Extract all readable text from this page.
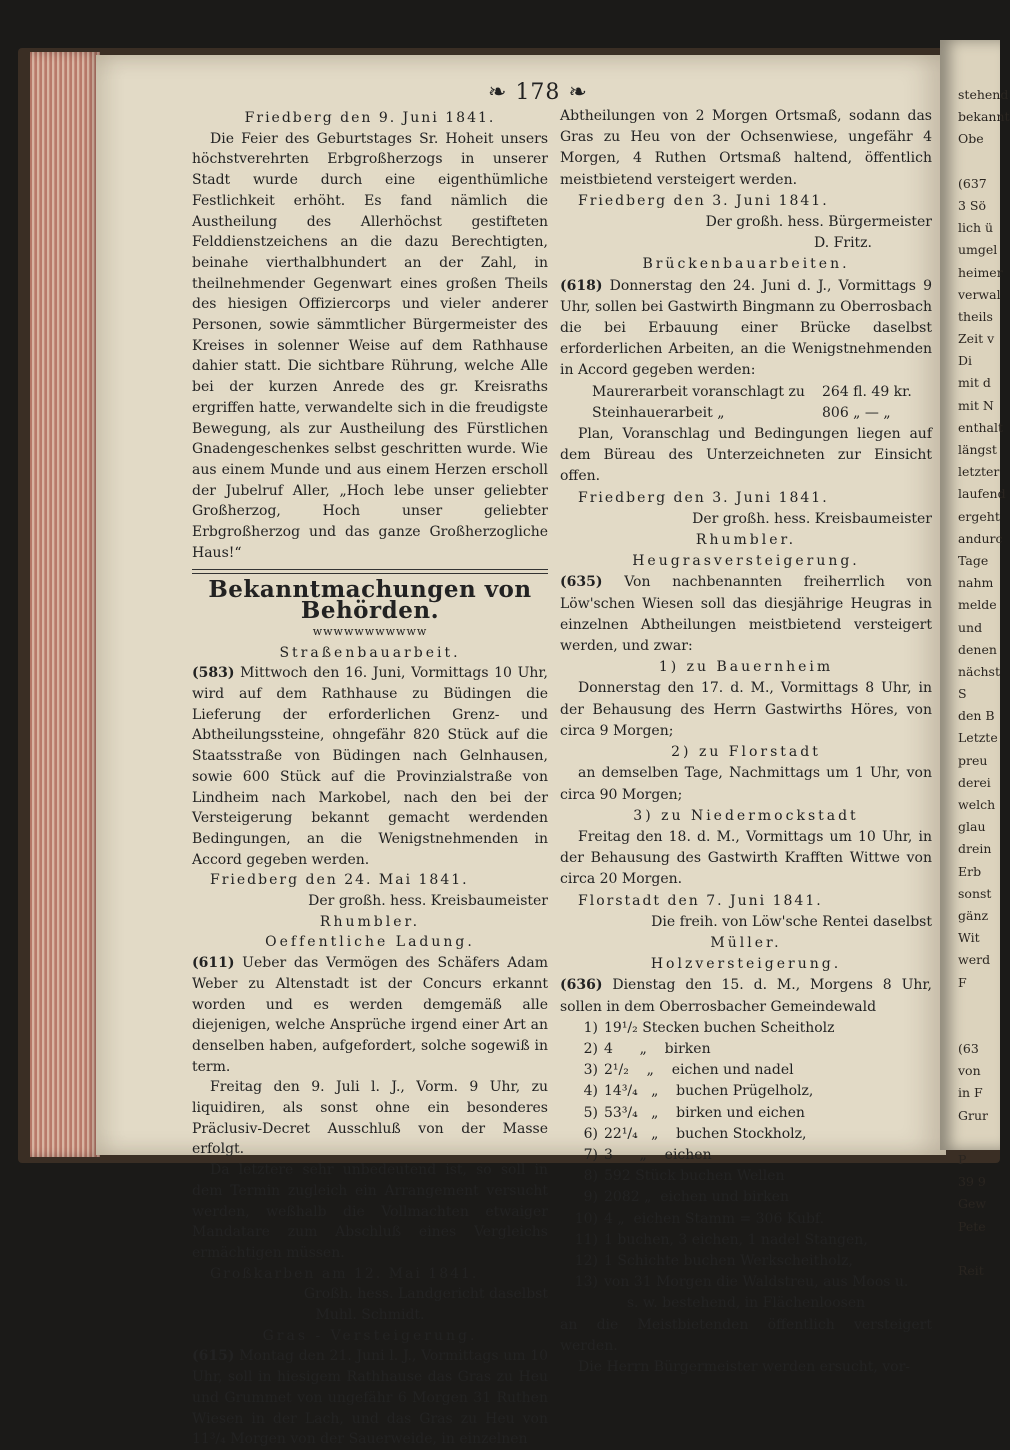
stehend
bekannt
Obe
(637
3 Sö
lich ü
umgel
heimer
verwal
theils
Zeit v
Di
mit d
mit N
enthalt
längst
letzter
laufend
ergeht
andurc
Tage
nahm
melde
und
denen
nächst
S
den B
Letzte
preu
derei
welch
glau
drein
Erb
sonst
gänz
Wit
werd
F
(63
von
in F
Grur
P
39 9
Gew
Pete
Reit
❧ 178 ❧

Friedberg den 9. Juni 1841.

Die Feier des Geburtstages Sr. Hoheit unsers höchstverehrten Erbgroßherzogs in unserer Stadt wurde durch eine eigenthümliche Festlichkeit erhöht. Es fand nämlich die Austheilung des Allerhöchst gestifteten Felddienstzeichens an die dazu Berechtigten, beinahe vierthalbhundert an der Zahl, in theilnehmender Gegenwart eines großen Theils des hiesigen Offiziercorps und vieler anderer Personen, sowie sämmtlicher Bürgermeister des Kreises in solenner Weise auf dem Rathhause dahier statt. Die sichtbare Rührung, welche Alle bei der kurzen Anrede des gr. Kreisraths ergriffen hatte, verwandelte sich in die freudigste Bewegung, als zur Austheilung des Fürstlichen Gnadengeschenkes selbst geschritten wurde. Wie aus einem Munde und aus einem Herzen erscholl der Jubelruf Aller, „Hoch lebe unser geliebter Großherzog, Hoch unser geliebter Erbgroßherzog und das ganze Großherzogliche Haus!“

Bekanntmachungen von Behörden.

ᴡᴡᴡᴡᴡᴡᴡᴡᴡᴡᴡ

Straßenbauarbeit.

(583) Mittwoch den 16. Juni, Vormittags 10 Uhr, wird auf dem Rathhause zu Büdingen die Lieferung der erforderlichen Grenz- und Abtheilungssteine, ohngefähr 820 Stück auf die Staatsstraße von Büdingen nach Gelnhausen, sowie 600 Stück auf die Provinzialstraße von Lindheim nach Markobel, nach den bei der Versteigerung bekannt gemacht werdenden Bedingungen, an die Wenigstnehmenden in Accord gegeben werden.

Friedberg den 24. Mai 1841.

Der großh. hess. Kreisbaumeister

Rhumbler.

Oeffentliche Ladung.

(611) Ueber das Vermögen des Schäfers Adam Weber zu Altenstadt ist der Concurs erkannt worden und es werden demgemäß alle diejenigen, welche Ansprüche irgend einer Art an denselben haben, aufgefordert, solche sogewiß in term.

Freitag den 9. Juli l. J., Vorm. 9 Uhr, zu liquidiren, als sonst ohne ein besonderes Präclusiv-Decret Ausschluß von der Masse erfolgt.

Da letztere sehr unbedeutend ist, so soll in dem Termin zugleich ein Arrangement versucht werden, weßhalb die Vollmachten etwaiger Mandatare zum Abschluß eines Vergleichs ermächtigen müssen.

Großkarben am 12. Mai 1841.

Großh. hess. Landgericht daselbst

Muhl. Schmidt.

Gras - Versteigerung.

(615) Montag den 21. Juni l. J., Vormittags um 10 Uhr, soll in hiesigem Rathhause das Gras zu Heu und Grummet von ungefähr 6 Morgen 31 Ruthen Wiesen in der Lach, und das Gras zu Heu von 11³/₄ Morgen von der Sauerweide, in einzelnen

Abtheilungen von 2 Morgen Ortsmaß, sodann das Gras zu Heu von der Ochsenwiese, ungefähr 4 Morgen, 4 Ruthen Ortsmaß haltend, öffentlich meistbietend versteigert werden.

Friedberg den 3. Juni 1841.

Der großh. hess. Bürgermeister

D. Fritz.

Brückenbauarbeiten.

(618) Donnerstag den 24. Juni d. J., Vormittags 9 Uhr, sollen bei Gastwirth Bingmann zu Oberrosbach die bei Erbauung einer Brücke daselbst erforderlichen Arbeiten, an die Wenigstnehmenden in Accord gegeben werden:

Maurerarbeit voranschlagt zu	264 fl. 49 kr.
Steinhauerarbeit „	806 „ — „

Plan, Voranschlag und Bedingungen liegen auf dem Büreau des Unterzeichneten zur Einsicht offen.

Friedberg den 3. Juni 1841.

Der großh. hess. Kreisbaumeister

Rhumbler.

Heugrasversteigerung.

(635) Von nachbenannten freiherrlich von Löw'schen Wiesen soll das diesjährige Heugras in einzelnen Abtheilungen meistbietend versteigert werden, und zwar:

1) zu Bauernheim

Donnerstag den 17. d. M., Vormittags 8 Uhr, in der Behausung des Herrn Gastwirths Höres, von circa 9 Morgen;

2) zu Florstadt

an demselben Tage, Nachmittags um 1 Uhr, von circa 90 Morgen;

3) zu Niedermockstadt

Freitag den 18. d. M., Vormittags um 10 Uhr, in der Behausung des Gastwirth Krafften Wittwe von circa 20 Morgen.

Florstadt den 7. Juni 1841.

Die freih. von Löw'sche Rentei daselbst

Müller.

Holzversteigerung.

(636) Dienstag den 15. d. M., Morgens 8 Uhr, sollen in dem Oberrosbacher Gemeindewald

1) 19¹/₂ Stecken buchen Scheitholz
2) 4      „    birken
3) 2¹/₂    „    eichen und nadel
4) 14³/₄   „    buchen Prügelholz,
5) 53³/₄   „    birken und eichen
6) 22¹/₄   „    buchen Stockholz,
7) 3      „    eichen
8) 592 Stück buchen Wellen
9) 2082 „  eichen und birken
10) 4 „  eichen Stamm = 306 Kubf.
11) 1 buchen, 3 eichen, 1 nadel Stangen,
12) 1 Schichte buchen Werkscheitholz,
13) von 31 Morgen die Waldstreu, aus Moos u.

s. w. bestehend, in Flächenloosen

an die Meistbietenden öffentlich versteigert werden.

Die Herrn Bürgermeister werden ersucht, vor-
